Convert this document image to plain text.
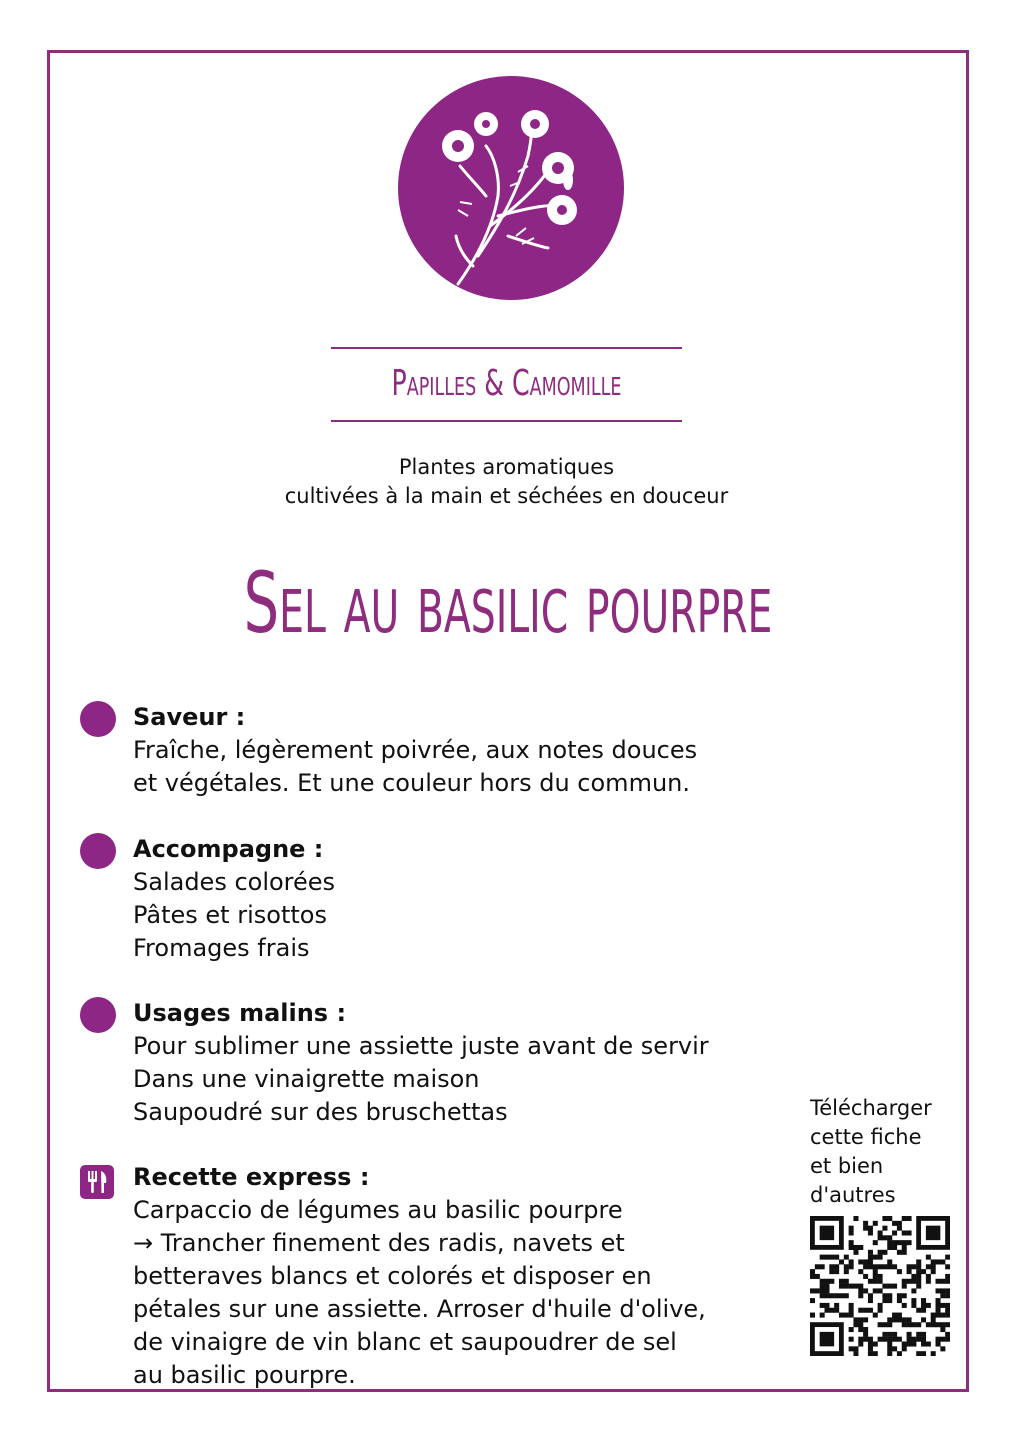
Papilles & Camomille
Plantes aromatiques
cultivées à la main et séchées en douceur
Sel au basilic pourpre
Saveur :
Fraîche, légèrement poivrée, aux notes douces
et végétales. Et une couleur hors du commun.
Accompagne :
Salades colorées
Pâtes et risottos
Fromages frais
Usages malins :
Pour sublimer une assiette juste avant de servir
Dans une vinaigrette maison
Saupoudré sur des bruschettas
Recette express :
Carpaccio de légumes au basilic pourpre
→ Trancher finement des radis, navets et
betteraves blancs et colorés et disposer en
pétales sur une assiette. Arroser d'huile d'olive,
de vinaigre de vin blanc et saupoudrer de sel
au basilic pourpre.
Télécharger
cette fiche
et bien
d'autres
